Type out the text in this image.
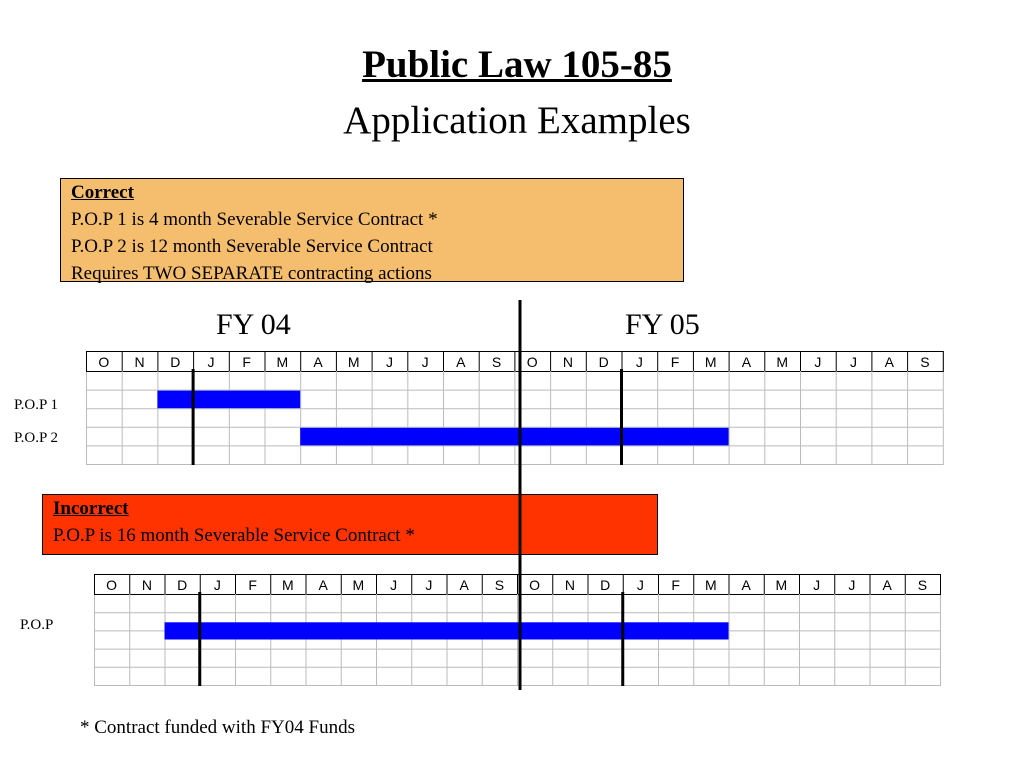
Public Law 105-85
Application Examples
Correct
P.O.P 1 is 4 month Severable Service Contract *
P.O.P 2 is 12 month Severable Service Contract
Requires TWO SEPARATE contracting actions
FY 04	FY 05
P.O.P 1
P.O.P 2
O N D J F M A M J J A S O N D J F M A M J J A S
Incorrect
P.O.P is 16 month Severable Service Contract *
P.O.P
O N D J F M A M J J A S O N D J F M A M J J A S
* Contract funded with FY04 Funds
